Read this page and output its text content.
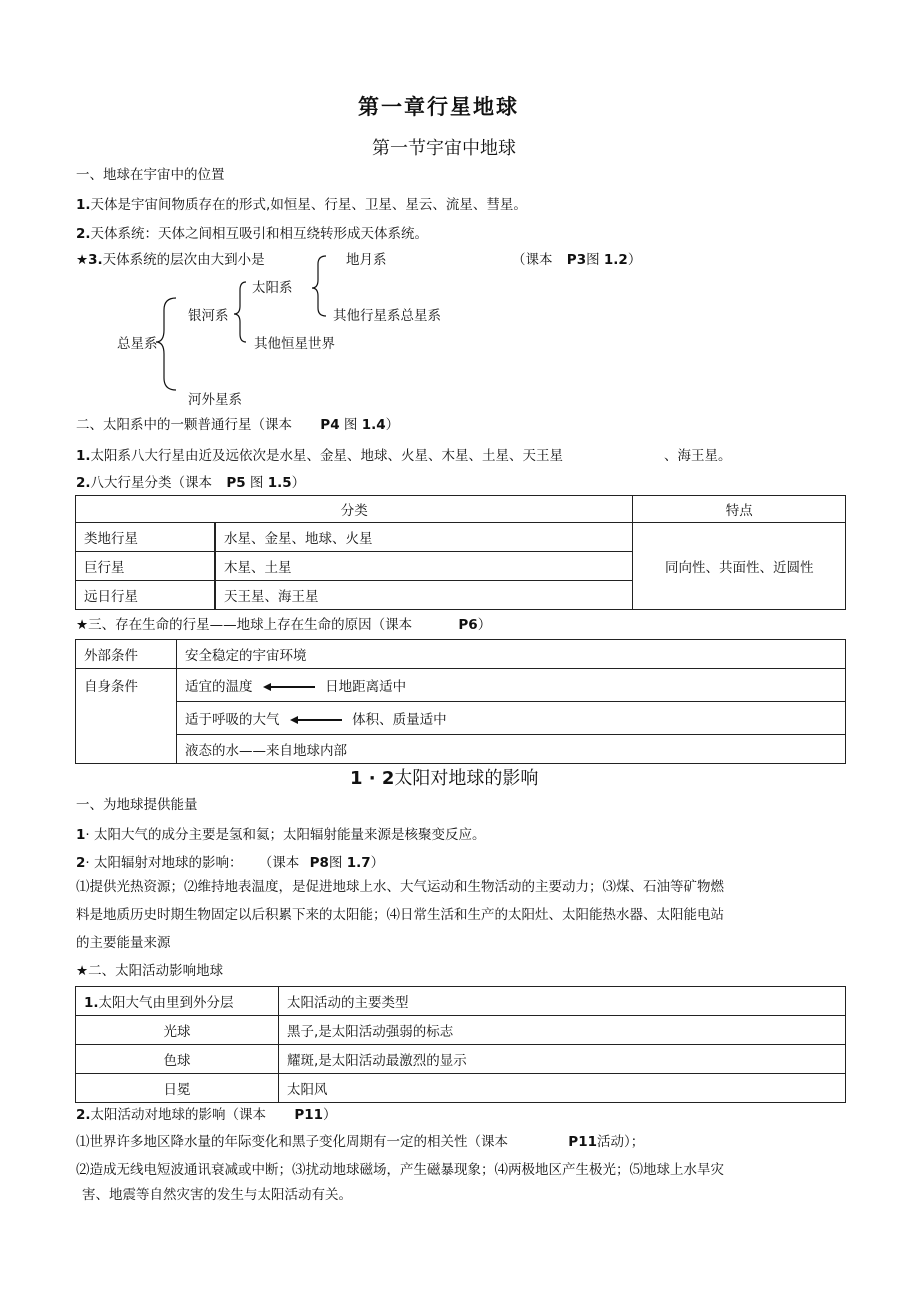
第一章行星地球
第一节宇宙中地球
一、地球在宇宙中的位置
1.天体是宇宙间物质存在的形式,如恒星、行星、卫星、星云、流星、彗星。
2.天体系统：天体之间相互吸引和相互绕转形成天体系统。
★3.天体系统的层次由大到小是	（课本 P3图 1.2）
地月系
太阳系
其他行星系总星系
银河系
其他恒星世界
总星系
河外星系
二、太阳系中的一颗普通行星（课本 P4 图 1.4）
1.太阳系八大行星由近及远依次是水星、金星、地球、火星、木星、土星、天王星	、海王星。
2.八大行星分类（课本 P5 图 1.5）
分类		特点
类地行星	水星、金星、地球、火星	同向性、共面性、近圆性
巨行星	木星、土星	
远日行星	天王星、海王星	
★三、存在生命的行星——地球上存在生命的原因（课本	P6）
外部条件	安全稳定的宇宙环境
自身条件	适宜的温度 日地距离适中
	适于呼吸的大气 体积、质量适中
	液态的水——来自地球内部
1 · 2太阳对地球的影响
一、为地球提供能量
1· 太阳大气的成分主要是氢和氦；太阳辐射能量来源是核聚变反应。
2· 太阳辐射对地球的影响： （课本 P8图 1.7）
⑴提供光热资源；⑵维持地表温度，是促进地球上水、大气运动和生物活动的主要动力；⑶煤、石油等矿物燃
料是地质历史时期生物固定以后积累下来的太阳能；⑷日常生活和生产的太阳灶、太阳能热水器、太阳能电站
的主要能量来源
★二、太阳活动影响地球
1.太阳大气由里到外分层	太阳活动的主要类型
光球	黑子,是太阳活动强弱的标志
色球	耀斑,是太阳活动最激烈的显示
日冕	太阳风
2.太阳活动对地球的影响（课本 P11）
⑴世界许多地区降水量的年际变化和黑子变化周期有一定的相关性（课本	P11活动）；
⑵造成无线电短波通讯衰减或中断；⑶扰动地球磁场，产生磁暴现象；⑷两极地区产生极光；⑸地球上水旱灾
害、地震等自然灾害的发生与太阳活动有关。
